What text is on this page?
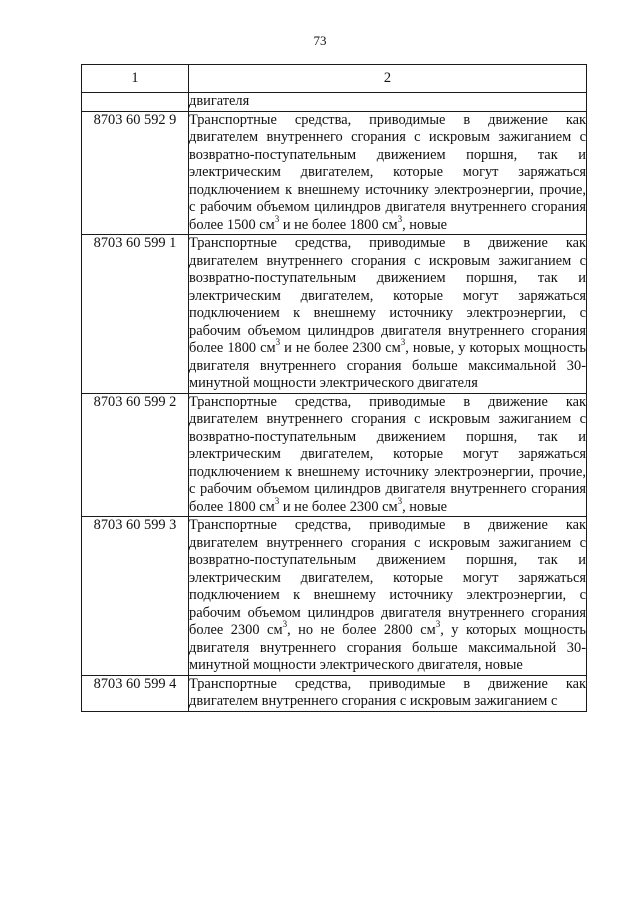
73
1	2
	двигателя
8703 60 592 9	Транспортные средства, приводимые в движение как двигателем внутреннего сгорания с искровым зажиганием с возвратно-поступательным движением поршня, так и электрическим двигателем, которые могут заряжаться подключением к внешнему источнику электроэнергии, прочие, с рабочим объемом цилиндров двигателя внутреннего сгорания более 1500 $см^3$ и не более 1800 $см^3$, новые
8703 60 599 1	Транспортные средства, приводимые в движение как двигателем внутреннего сгорания с искровым зажиганием с возвратно-поступательным движением поршня, так и электрическим двигателем, которые могут заряжаться подключением к внешнему источнику электроэнергии, с рабочим объемом цилиндров двигателя внутреннего сгорания более 1800 $см^3$ и не более 2300 $см^3$, новые, у которых мощность двигателя внутреннего сгорания больше максимальной 30-минутной мощности электрического двигателя
8703 60 599 2	Транспортные средства, приводимые в движение как двигателем внутреннего сгорания с искровым зажиганием с возвратно-поступательным движением поршня, так и электрическим двигателем, которые могут заряжаться подключением к внешнему источнику электроэнергии, прочие, с рабочим объемом цилиндров двигателя внутреннего сгорания более 1800 $см^3$ и не более 2300 $см^3$, новые
8703 60 599 3	Транспортные средства, приводимые в движение как двигателем внутреннего сгорания с искровым зажиганием с возвратно-поступательным движением поршня, так и электрическим двигателем, которые могут заряжаться подключением к внешнему источнику электроэнергии, с рабочим объемом цилиндров двигателя внутреннего сгорания более 2300 $см^3$, но не более 2800 $см^3$, у которых мощность двигателя внутреннего сгорания больше максимальной 30-минутной мощности электрического двигателя, новые
8703 60 599 4	Транспортные средства, приводимые в движение как двигателем внутреннего сгорания с искровым зажиганием с
